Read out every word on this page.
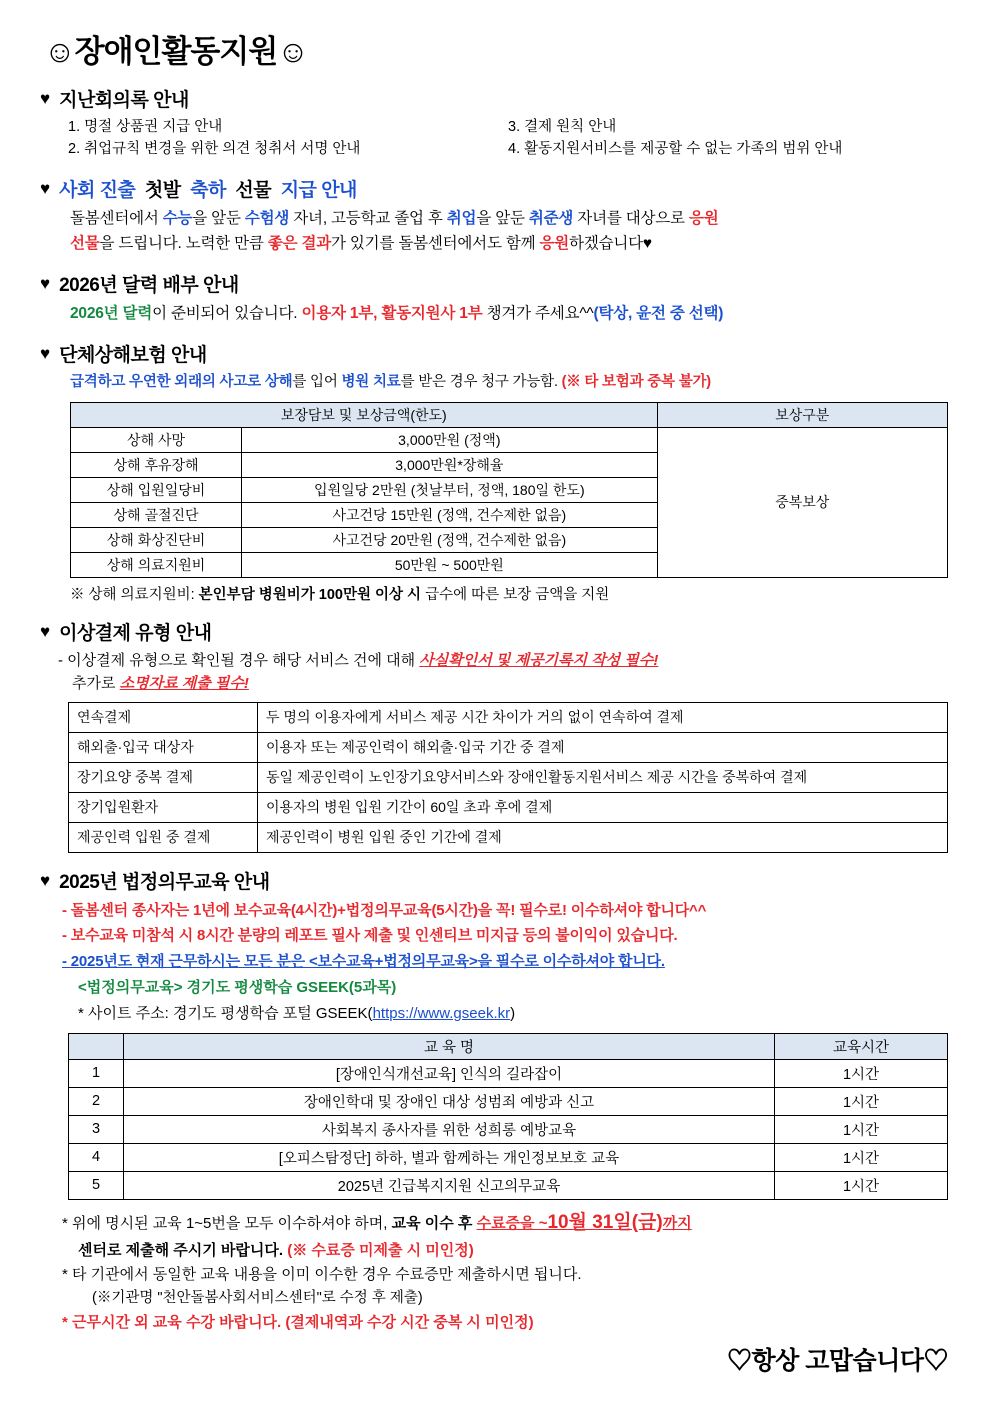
☺장애인활동지원☺
♥ 지난회의록 안내
1. 명절 상품권 지급 안내
2. 취업규칙 변경을 위한 의견 청취서 서명 안내
3. 결제 원칙 안내
4. 활동지원서비스를 제공할 수 없는 가족의 범위 안내
♥ 사회 진출 첫발 축하 선물 지급 안내
돌봄센터에서 수능을 앞둔 수험생 자녀, 고등학교 졸업 후 취업을 앞둔 취준생 자녀를 대상으로 응원
선물을 드립니다. 노력한 만큼 좋은 결과가 있기를 돌봄센터에서도 함께 응원하겠습니다♥
♥ 2026년 달력 배부 안내
2026년 달력이 준비되어 있습니다. 이용자 1부, 활동지원사 1부 챙겨가 주세요^^(탁상, 윤전 중 선택)
♥ 단체상해보험 안내
급격하고 우연한 외래의 사고로 상해를 입어 병원 치료를 받은 경우 청구 가능함. (※ 타 보험과 중복 불가)
보장담보 및 보상금액(한도)		보상구분
상해 사망	3,000만원 (정액)	중복보상
상해 후유장해	3,000만원*장해율	
상해 입원일당비	입원일당 2만원 (첫날부터, 정액, 180일 한도)	
상해 골절진단	사고건당 15만원 (정액, 건수제한 없음)	
상해 화상진단비	사고건당 20만원 (정액, 건수제한 없음)	
상해 의료지원비	50만원 ~ 500만원	
※ 상해 의료지원비: 본인부담 병원비가 100만원 이상 시 급수에 따른 보장 금액을 지원
♥ 이상결제 유형 안내
- 이상결제 유형으로 확인될 경우 해당 서비스 건에 대해 사실확인서 및 제공기록지 작성 필수!
추가로 소명자료 제출 필수!
연속결제	두 명의 이용자에게 서비스 제공 시간 차이가 거의 없이 연속하여 결제
해외출·입국 대상자	이용자 또는 제공인력이 해외출·입국 기간 중 결제
장기요양 중복 결제	동일 제공인력이 노인장기요양서비스와 장애인활동지원서비스 제공 시간을 중복하여 결제
장기입원환자	이용자의 병원 입원 기간이 60일 초과 후에 결제
제공인력 입원 중 결제	제공인력이 병원 입원 중인 기간에 결제
♥ 2025년 법정의무교육 안내
- 돌봄센터 종사자는 1년에 보수교육(4시간)+법정의무교육(5시간)을 꼭! 필수로! 이수하셔야 합니다^^
- 보수교육 미참석 시 8시간 분량의 레포트 필사 제출 및 인센티브 미지급 등의 불이익이 있습니다.
- 2025년도 현재 근무하시는 모든 분은 <보수교육+법정의무교육>을 필수로 이수하셔야 합니다.
<법정의무교육> 경기도 평생학습 GSEEK(5과목)
* 사이트 주소: 경기도 평생학습 포털 GSEEK(https://www.gseek.kr)
	교 육 명	교육시간
1	[장애인식개선교육] 인식의 길라잡이	1시간
2	장애인학대 및 장애인 대상 성범죄 예방과 신고	1시간
3	사회복지 종사자를 위한 성희롱 예방교육	1시간
4	[오피스탐정단] 하하, 별과 함께하는 개인정보보호 교육	1시간
5	2025년 긴급복지지원 신고의무교육	1시간
* 위에 명시된 교육 1~5번을 모두 이수하셔야 하며, 교육 이수 후 수료증을 ~10월 31일(금)까지
센터로 제출해 주시기 바랍니다. (※ 수료증 미제출 시 미인정)
* 타 기관에서 동일한 교육 내용을 이미 이수한 경우 수료증만 제출하시면 됩니다.
(※기관명 "천안돌봄사회서비스센터"로 수정 후 제출)
* 근무시간 외 교육 수강 바랍니다. (결제내역과 수강 시간 중복 시 미인정)
♡항상 고맙습니다♡
